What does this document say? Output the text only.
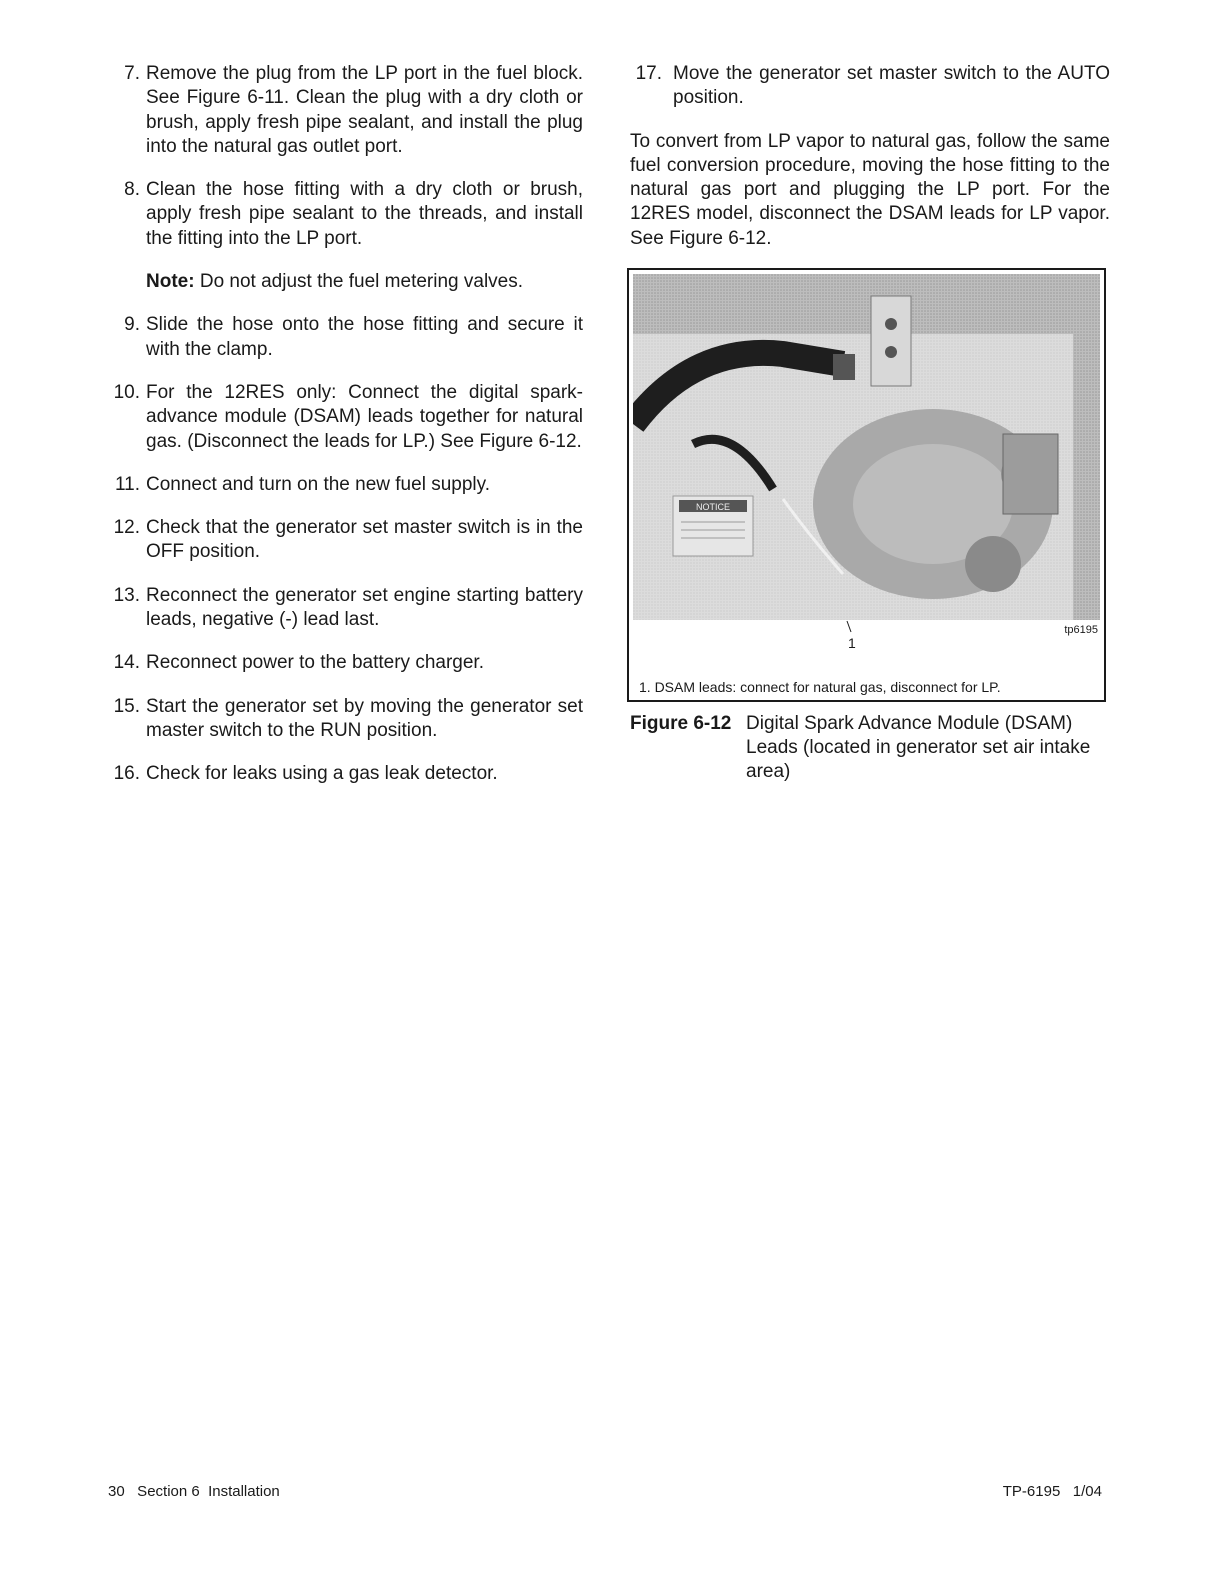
7. Remove the plug from the LP port in the fuel block. See Figure 6-11. Clean the plug with a dry cloth or brush, apply fresh pipe sealant, and install the plug into the natural gas outlet port.
8. Clean the hose fitting with a dry cloth or brush, apply fresh pipe sealant to the threads, and install the fitting into the LP port.
Note: Do not adjust the fuel metering valves.
9. Slide the hose onto the hose fitting and secure it with the clamp.
10. For the 12RES only: Connect the digital spark-advance module (DSAM) leads together for natural gas. (Disconnect the leads for LP.) See Figure 6-12.
11. Connect and turn on the new fuel supply.
12. Check that the generator set master switch is in the OFF position.
13. Reconnect the generator set engine starting battery leads, negative (-) lead last.
14. Reconnect power to the battery charger.
15. Start the generator set by moving the generator set master switch to the RUN position.
16. Check for leaks using a gas leak detector.
17. Move the generator set master switch to the AUTO position.

To convert from LP vapor to natural gas, follow the same fuel conversion procedure, moving the hose fitting to the natural gas port and plugging the LP port. For the 12RES model, disconnect the DSAM leads for LP vapor. See Figure 6-12.

NOTICE
1
tp6195
1. DSAM leads: connect for natural gas, disconnect for LP.
Figure 6-12 Digital Spark Advance Module (DSAM) Leads (located in generator set air intake area)
30   Section 6  Installation	TP-6195   1/04
